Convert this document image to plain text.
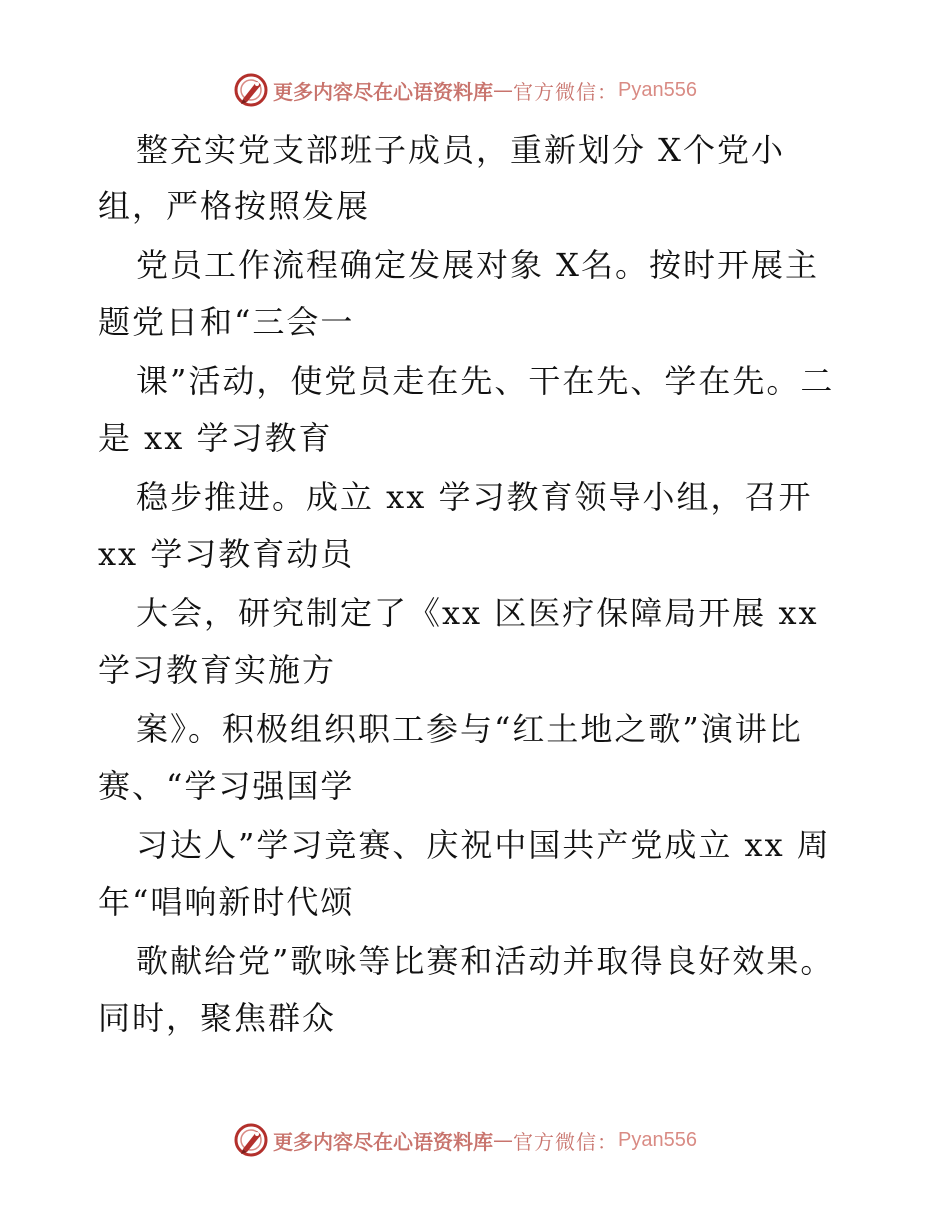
更多内容尽在心语资料库 — 官方微信： Pyan556
整充实党支部班子成员，重新划分 X个党小
组，严格按照发展
党员工作流程确定发展对象 X名。按时开展主
题党日和“三会一
课”活动，使党员走在先、干在先、学在先。二
是 xx 学习教育
稳步推进。成立 xx 学习教育领导小组，召开
xx 学习教育动员
大会，研究制定了《xx 区医疗保障局开展 xx
学习教育实施方
案》。积极组织职工参与“红土地之歌”演讲比
赛、“学习强国学
习达人”学习竞赛、庆祝中国共产党成立 xx 周
年“唱响新时代颂
歌献给党”歌咏等比赛和活动并取得良好效果。
同时，聚焦群众
更多内容尽在心语资料库 — 官方微信： Pyan556
